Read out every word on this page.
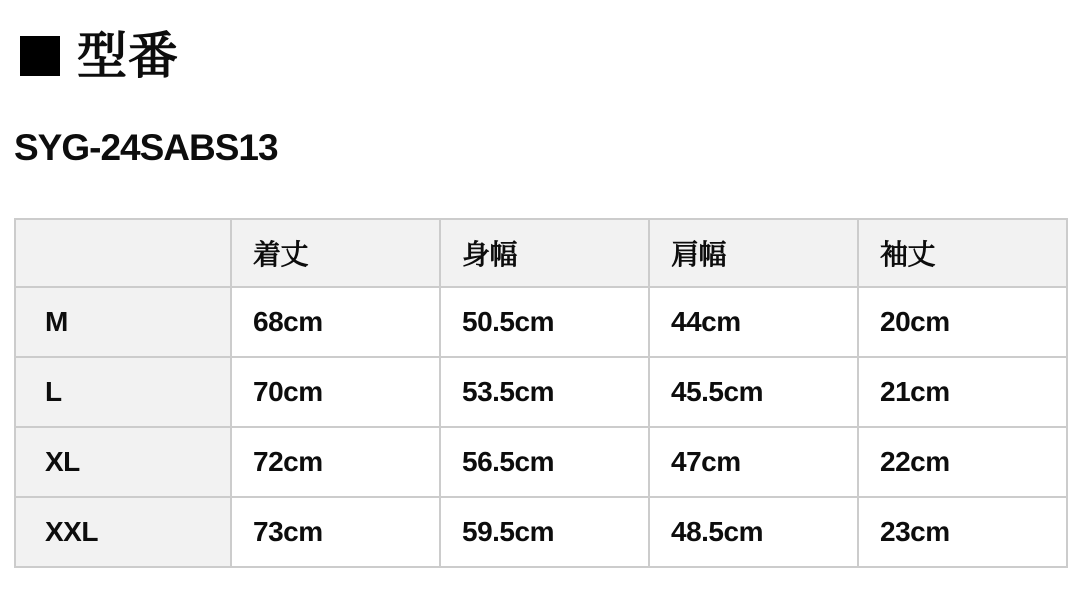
型番
SYG-24SABS13
	着丈	身幅	肩幅	袖丈
M	68cm	50.5cm	44cm	20cm
L	70cm	53.5cm	45.5cm	21cm
XL	72cm	56.5cm	47cm	22cm
XXL	73cm	59.5cm	48.5cm	23cm
